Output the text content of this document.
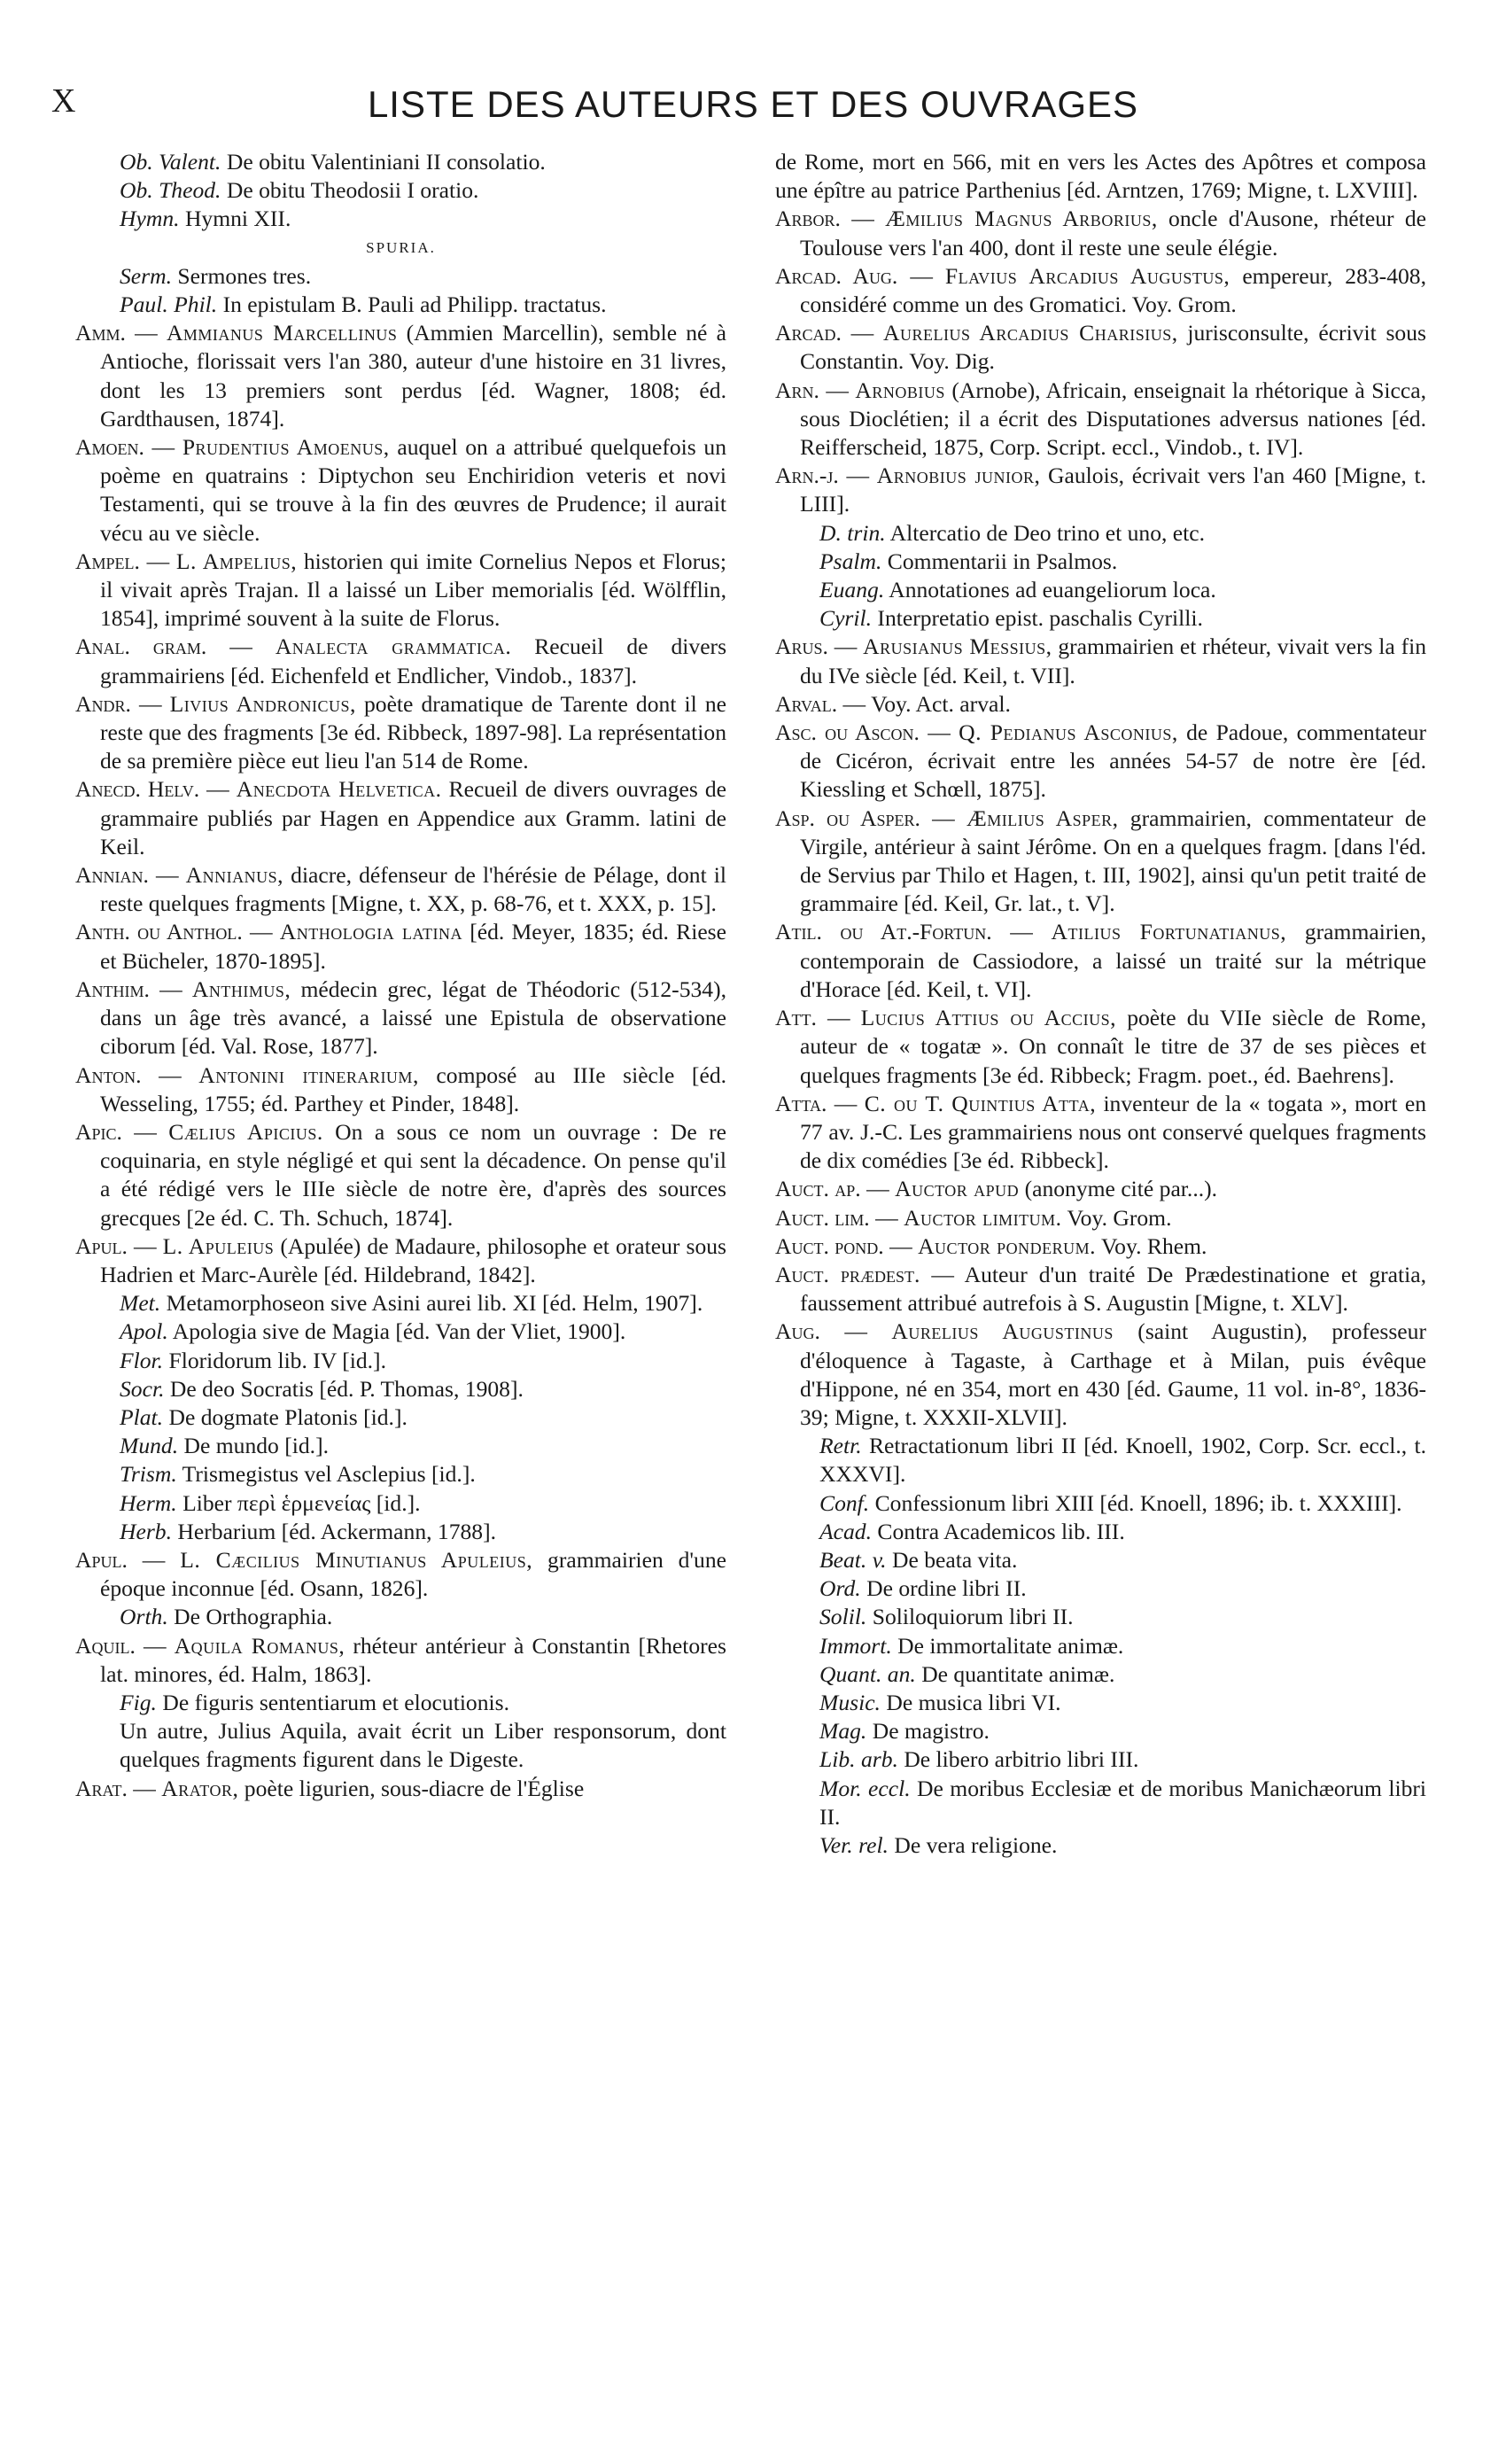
X	LISTE DES AUTEURS ET DES OUVRAGES

Ob. Valent. De obitu Valentiniani II consolatio.

Ob. Theod. De obitu Theodosii I oratio.

Hymn. Hymni XII.

SPURIA.

Serm. Sermones tres.

Paul. Phil. In epistulam B. Pauli ad Philipp. tractatus.

Amm. — Ammianus Marcellinus (Ammien Marcellin), semble né à Antioche, florissait vers l'an 380, auteur d'une histoire en 31 livres, dont les 13 premiers sont perdus [éd. Wagner, 1808; éd. Gardthausen, 1874].

Amoen. — Prudentius Amoenus, auquel on a attribué quelquefois un poème en quatrains : Diptychon seu Enchiridion veteris et novi Testamenti, qui se trouve à la fin des œuvres de Prudence; il aurait vécu au ve siècle.

Ampel. — L. Ampelius, historien qui imite Cornelius Nepos et Florus; il vivait après Trajan. Il a laissé un Liber memorialis [éd. Wölfflin, 1854], imprimé souvent à la suite de Florus.

Anal. gram. — Analecta grammatica. Recueil de divers grammairiens [éd. Eichenfeld et Endlicher, Vindob., 1837].

Andr. — Livius Andronicus, poète dramatique de Tarente dont il ne reste que des fragments [3e éd. Ribbeck, 1897-98]. La représentation de sa première pièce eut lieu l'an 514 de Rome.

Anecd. Helv. — Anecdota Helvetica. Recueil de divers ouvrages de grammaire publiés par Hagen en Appendice aux Gramm. latini de Keil.

Annian. — Annianus, diacre, défenseur de l'hérésie de Pélage, dont il reste quelques fragments [Migne, t. XX, p. 68-76, et t. XXX, p. 15].

Anth. ou Anthol. — Anthologia latina [éd. Meyer, 1835; éd. Riese et Bücheler, 1870-1895].

Anthim. — Anthimus, médecin grec, légat de Théodoric (512-534), dans un âge très avancé, a laissé une Epistula de observatione ciborum [éd. Val. Rose, 1877].

Anton. — Antonini itinerarium, composé au IIIe siècle [éd. Wesseling, 1755; éd. Parthey et Pinder, 1848].

Apic. — Cælius Apicius. On a sous ce nom un ouvrage : De re coquinaria, en style négligé et qui sent la décadence. On pense qu'il a été rédigé vers le IIIe siècle de notre ère, d'après des sources grecques [2e éd. C. Th. Schuch, 1874].

Apul. — L. Apuleius (Apulée) de Madaure, philosophe et orateur sous Hadrien et Marc-Aurèle [éd. Hildebrand, 1842].

Met. Metamorphoseon sive Asini aurei lib. XI [éd. Helm, 1907].

Apol. Apologia sive de Magia [éd. Van der Vliet, 1900].

Flor. Floridorum lib. IV [id.].

Socr. De deo Socratis [éd. P. Thomas, 1908].

Plat. De dogmate Platonis [id.].

Mund. De mundo [id.].

Trism. Trismegistus vel Asclepius [id.].

Herm. Liber περὶ ἑρμενείας [id.].

Herb. Herbarium [éd. Ackermann, 1788].

Apul. — L. Cæcilius Minutianus Apuleius, grammairien d'une époque inconnue [éd. Osann, 1826].

Orth. De Orthographia.

Aquil. — Aquila Romanus, rhéteur antérieur à Constantin [Rhetores lat. minores, éd. Halm, 1863].

Fig. De figuris sententiarum et elocutionis.

Un autre, Julius Aquila, avait écrit un Liber responsorum, dont quelques fragments figurent dans le Digeste.

Arat. — Arator, poète ligurien, sous-diacre de l'Église

de Rome, mort en 566, mit en vers les Actes des Apôtres et composa une épître au patrice Parthenius [éd. Arntzen, 1769; Migne, t. LXVIII].

Arbor. — Æmilius Magnus Arborius, oncle d'Ausone, rhéteur de Toulouse vers l'an 400, dont il reste une seule élégie.

Arcad. Aug. — Flavius Arcadius Augustus, empereur, 283-408, considéré comme un des Gromatici. Voy. Grom.

Arcad. — Aurelius Arcadius Charisius, jurisconsulte, écrivit sous Constantin. Voy. Dig.

Arn. — Arnobius (Arnobe), Africain, enseignait la rhétorique à Sicca, sous Dioclétien; il a écrit des Disputationes adversus nationes [éd. Reifferscheid, 1875, Corp. Script. eccl., Vindob., t. IV].

Arn.-j. — Arnobius junior, Gaulois, écrivait vers l'an 460 [Migne, t. LIII].

D. trin. Altercatio de Deo trino et uno, etc.

Psalm. Commentarii in Psalmos.

Euang. Annotationes ad euangeliorum loca.

Cyril. Interpretatio epist. paschalis Cyrilli.

Arus. — Arusianus Messius, grammairien et rhéteur, vivait vers la fin du IVe siècle [éd. Keil, t. VII].

Arval. — Voy. Act. arval.

Asc. ou Ascon. — Q. Pedianus Asconius, de Padoue, commentateur de Cicéron, écrivait entre les années 54-57 de notre ère [éd. Kiessling et Schœll, 1875].

Asp. ou Asper. — Æmilius Asper, grammairien, commentateur de Virgile, antérieur à saint Jérôme. On en a quelques fragm. [dans l'éd. de Servius par Thilo et Hagen, t. III, 1902], ainsi qu'un petit traité de grammaire [éd. Keil, Gr. lat., t. V].

Atil. ou At.-Fortun. — Atilius Fortunatianus, grammairien, contemporain de Cassiodore, a laissé un traité sur la métrique d'Horace [éd. Keil, t. VI].

Att. — Lucius Attius ou Accius, poète du VIIe siècle de Rome, auteur de « togatæ ». On connaît le titre de 37 de ses pièces et quelques fragments [3e éd. Ribbeck; Fragm. poet., éd. Baehrens].

Atta. — C. ou T. Quintius Atta, inventeur de la « togata », mort en 77 av. J.-C. Les grammairiens nous ont conservé quelques fragments de dix comédies [3e éd. Ribbeck].

Auct. ap. — Auctor apud (anonyme cité par...).

Auct. lim. — Auctor limitum. Voy. Grom.

Auct. pond. — Auctor ponderum. Voy. Rhem.

Auct. prædest. — Auteur d'un traité De Prædestinatione et gratia, faussement attribué autrefois à S. Augustin [Migne, t. XLV].

Aug. — Aurelius Augustinus (saint Augustin), professeur d'éloquence à Tagaste, à Carthage et à Milan, puis évêque d'Hippone, né en 354, mort en 430 [éd. Gaume, 11 vol. in-8°, 1836-39; Migne, t. XXXII-XLVII].

Retr. Retractationum libri II [éd. Knoell, 1902, Corp. Scr. eccl., t. XXXVI].

Conf. Confessionum libri XIII [éd. Knoell, 1896; ib. t. XXXIII].

Acad. Contra Academicos lib. III.

Beat. v. De beata vita.

Ord. De ordine libri II.

Solil. Soliloquiorum libri II.

Immort. De immortalitate animæ.

Quant. an. De quantitate animæ.

Music. De musica libri VI.

Mag. De magistro.

Lib. arb. De libero arbitrio libri III.

Mor. eccl. De moribus Ecclesiæ et de moribus Manichæorum libri II.

Ver. rel. De vera religione.
